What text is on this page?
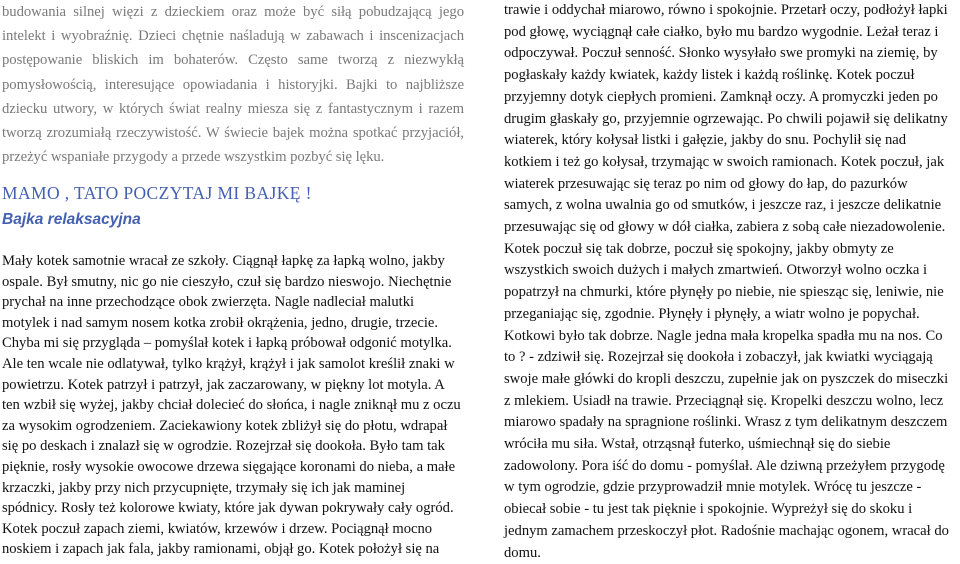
budowania silnej więzi z dzieckiem oraz może być siłą pobudzającą jego intelekt i wyobraźnię. Dzieci chętnie naśladują w zabawach i inscenizacjach postępowanie bliskich im bohaterów. Często same tworzą z niezwykłą pomysłowością, interesujące opowiadania i historyjki. Bajki to najbliższe dziecku utwory, w których świat realny miesza się z fantastycznym i razem tworzą zrozumiałą rzeczywistość. W świecie bajek można spotkać przyjaciół, przeżyć wspaniałe przygody a przede wszystkim pozbyć się lęku.

MAMO , TATO POCZYTAJ MI BAJKĘ !
Bajka relaksacyjna

Mały kotek samotnie wracał ze szkoły. Ciągnął łapkę za łapką wolno, jakby ospale. Był smutny, nic go nie cieszyło, czuł się bardzo nieswojo. Niechętnie prychał na inne przechodzące obok zwierzęta. Nagle nadleciał malutki motylek i nad samym nosem kotka zrobił okrążenia, jedno, drugie, trzecie. Chyba mi się przygląda – pomyślał kotek i łapką próbował odgonić motylka. Ale ten wcale nie odlatywał, tylko krążył, krążył i jak samolot kreślił znaki w powietrzu. Kotek patrzył i patrzył, jak zaczarowany, w piękny lot motyla. A ten wzbił się wyżej, jakby chciał dolecieć do słońca, i nagle zniknął mu z oczu za wysokim ogrodzeniem. Zaciekawiony kotek zbliżył się do płotu, wdrapał się po deskach i znalazł się w ogrodzie. Rozejrzał się dookoła. Było tam tak pięknie, rosły wysokie owocowe drzewa sięgające koronami do nieba, a małe krzaczki, jakby przy nich przycupnięte, trzymały się ich jak maminej spódnicy. Rosły też kolorowe kwiaty, które jak dywan pokrywały cały ogród. Kotek poczuł zapach ziemi, kwiatów, krzewów i drzew. Pociągnął mocno noskiem i zapach jak fala, jakby ramionami, objął go. Kotek położył się na

trawie i oddychał miarowo, równo i spokojnie. Przetarł oczy, podłożył łapki pod głowę, wyciągnął całe ciałko, było mu bardzo wygodnie. Leżał teraz i odpoczywał. Poczuł senność. Słonko wysyłało swe promyki na ziemię, by pogłaskały każdy kwiatek, każdy listek i każdą roślinkę. Kotek poczuł przyjemny dotyk ciepłych promieni. Zamknął oczy. A promyczki jeden po drugim głaskały go, przyjemnie ogrzewając. Po chwili pojawił się delikatny wiaterek, który kołysał listki i gałęzie, jakby do snu. Pochylił się nad kotkiem i też go kołysał, trzymając w swoich ramionach. Kotek poczuł, jak wiaterek przesuwając się teraz po nim od głowy do łap, do pazurków samych, z wolna uwalnia go od smutków, i jeszcze raz, i jeszcze delikatnie przesuwając się od głowy w dół ciałka, zabiera z sobą całe niezadowolenie. Kotek poczuł się tak dobrze, poczuł się spokojny, jakby obmyty ze wszystkich swoich dużych i małych zmartwień. Otworzył wolno oczka i popatrzył na chmurki, które płynęły po niebie, nie spiesząc się, leniwie, nie przeganiając się, zgodnie. Płynęły i płynęły, a wiatr wolno je popychał. Kotkowi było tak dobrze. Nagle jedna mała kropelka spadła mu na nos. Co to ? - zdziwił się. Rozejrzał się dookoła i zobaczył, jak kwiatki wyciągają swoje małe główki do kropli deszczu, zupełnie jak on pyszczek do miseczki z mlekiem. Usiadł na trawie. Przeciągnął się. Kropelki deszczu wolno, lecz miarowo spadały na spragnione roślinki. Wrasz z tym delikatnym deszczem wróciła mu siła. Wstał, otrząsnął futerko, uśmiechnął się do siebie zadowolony. Pora iść do domu - pomyślał. Ale dziwną przeżyłem przygodę w tym ogrodzie, gdzie przyprowadził mnie motylek. Wrócę tu jeszcze - obiecał sobie - tu jest tak pięknie i spokojnie. Wypreżył się do skoku i jednym zamachem przeskoczył płot. Radośnie machając ogonem, wracał do domu.
